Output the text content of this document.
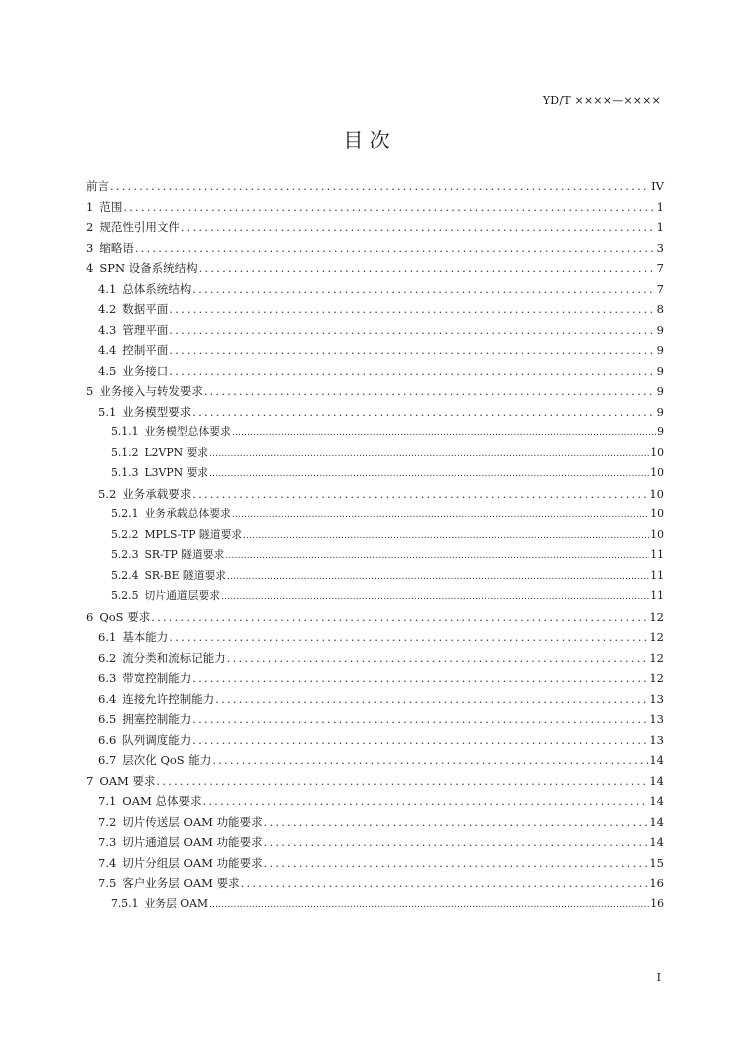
YD/T ××××—××××
目 次
前言 .....	IV
1 范围 .....	1
2 规范性引用文件 .....	1
3 缩略语 .....	3
4 SPN 设备系统结构 .....	7
4.1 总体系统结构 .....	7
4.2 数据平面 .....	8
4.3 管理平面 .....	9
4.4 控制平面 .....	9
4.5 业务接口 .....	9
5 业务接入与转发要求 .....	9
5.1 业务模型要求 .....	9
5.1.1 业务模型总体要求 .....	9
5.1.2 L2VPN 要求 .....	10
5.1.3 L3VPN 要求 .....	10
5.2 业务承载要求 .....	10
5.2.1 业务承载总体要求 .....	10
5.2.2 MPLS-TP 隧道要求 .....	10
5.2.3 SR-TP 隧道要求 .....	11
5.2.4 SR-BE 隧道要求 .....	11
5.2.5 切片通道层要求 .....	11
6 QoS 要求 .....	12
6.1 基本能力 .....	12
6.2 流分类和流标记能力 .....	12
6.3 带宽控制能力 .....	12
6.4 连接允许控制能力 .....	13
6.5 拥塞控制能力 .....	13
6.6 队列调度能力 .....	13
6.7 层次化 QoS 能力 .....	14
7 OAM 要求 .....	14
7.1 OAM 总体要求 .....	14
7.2 切片传送层 OAM 功能要求 .....	14
7.3 切片通道层 OAM 功能要求 .....	14
7.4 切片分组层 OAM 功能要求 .....	15
7.5 客户业务层 OAM 要求 .....	16
7.5.1 业务层 OAM .....	16
I
